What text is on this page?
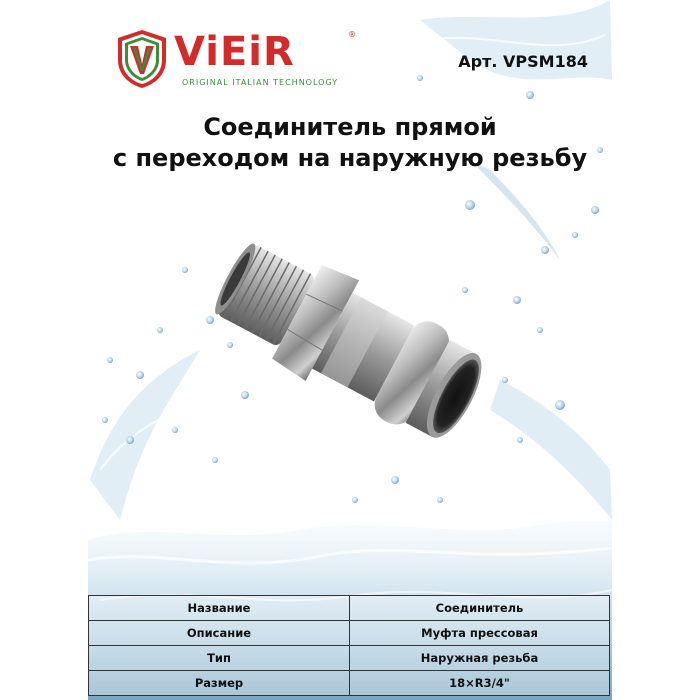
ViEiR	®
ORIGINAL ITALIAN TECHNOLOGY
Арт. VPSM184
Соединитель прямой
с переходом на наружную резьбу
Название	Соединитель
Описание	Муфта прессовая
Тип	Наружная резьба
Размер	18×R3/4"
